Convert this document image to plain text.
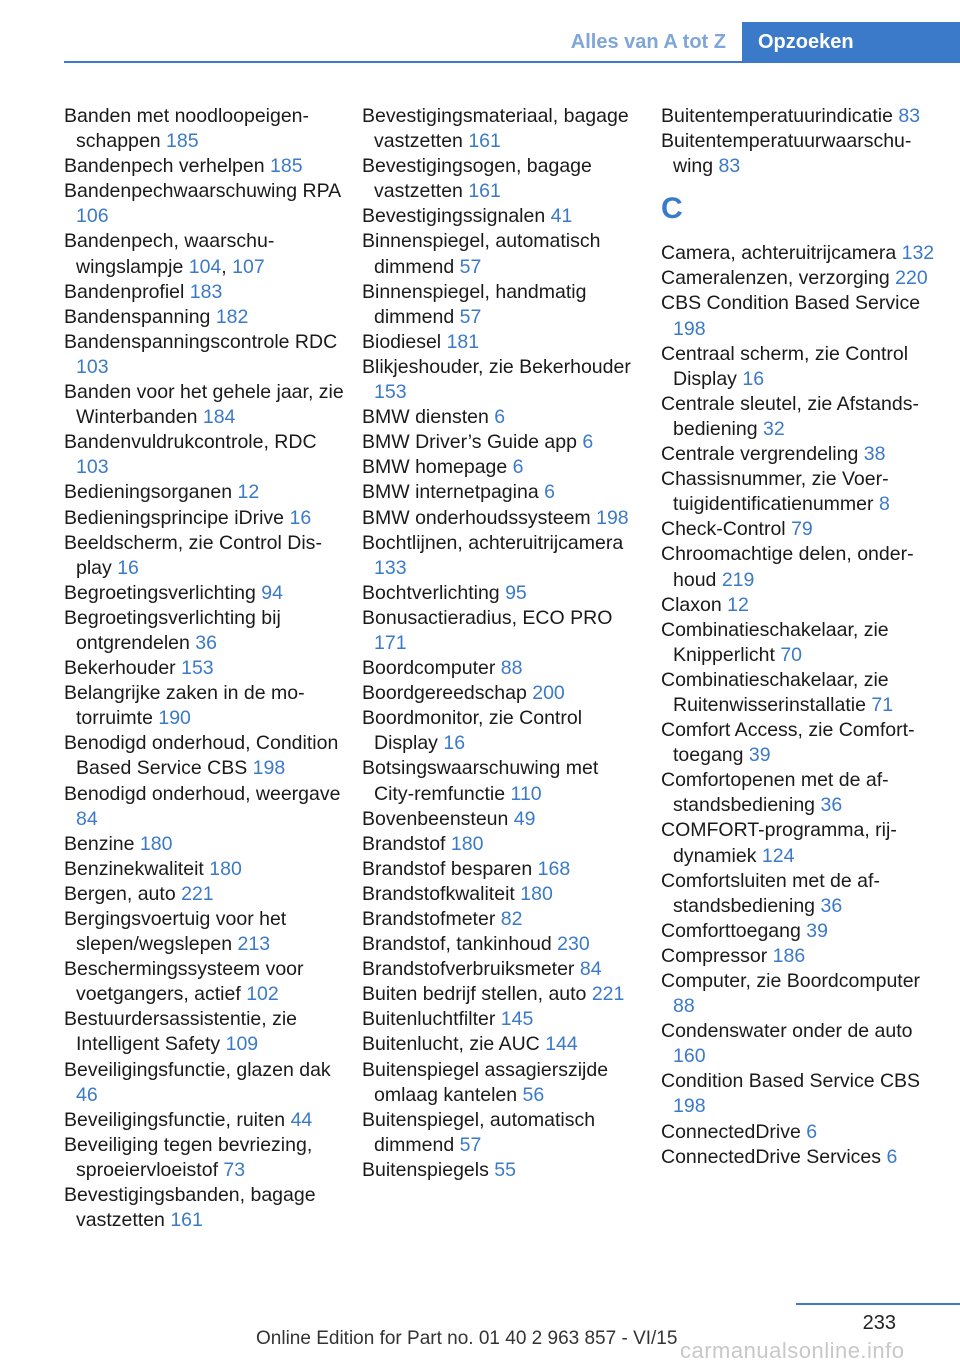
Alles van A tot Z	Opzoeken

Banden met noodloopeigenschappen 185

Bandenpech verhelpen 185

Bandenpechwaarschuwing RPA 106

Bandenpech, waarschuwingslampje 104, 107

Bandenprofiel 183

Bandenspanning 182

Bandenspanningscontrole RDC 103

Banden voor het gehele jaar, zie Winterbanden 184

Bandenvuldrukcontrole, RDC 103

Bedieningsorganen 12

Bedieningsprincipe iDrive 16

Beeldscherm, zie Control Display 16

Begroetingsverlichting 94

Begroetingsverlichting bij ontgrendelen 36

Bekerhouder 153

Belangrijke zaken in de motorruimte 190

Benodigd onderhoud, Condition Based Service CBS 198

Benodigd onderhoud, weergave 84

Benzine 180

Benzinekwaliteit 180

Bergen, auto 221

Bergingsvoertuig voor het slepen/wegslepen 213

Beschermingssysteem voor voetgangers, actief 102

Bestuurdersassistentie, zie Intelligent Safety 109

Beveiligingsfunctie, glazen dak 46

Beveiligingsfunctie, ruiten 44

Beveiliging tegen bevriezing, sproeiervloeistof 73

Bevestigingsbanden, bagage vastzetten 161

Bevestigingsmateriaal, bagage vastzetten 161

Bevestigingsogen, bagage vastzetten 161

Bevestigingssignalen 41

Binnenspiegel, automatisch dimmend 57

Binnenspiegel, handmatig dimmend 57

Biodiesel 181

Blikjeshouder, zie Bekerhouder 153

BMW diensten 6

BMW Driver’s Guide app 6

BMW homepage 6

BMW internetpagina 6

BMW onderhoudssysteem 198

Bochtlijnen, achteruitrijcamera 133

Bochtverlichting 95

Bonusactieradius, ECO PRO 171

Boordcomputer 88

Boordgereedschap 200

Boordmonitor, zie Control Display 16

Botsingswaarschuwing met City-remfunctie 110

Bovenbeensteun 49

Brandstof 180

Brandstof besparen 168

Brandstofkwaliteit 180

Brandstofmeter 82

Brandstof, tankinhoud 230

Brandstofverbruiksmeter 84

Buiten bedrijf stellen, auto 221

Buitenluchtfilter 145

Buitenlucht, zie AUC 144

Buitenspiegel assagierszijde omlaag kantelen 56

Buitenspiegel, automatisch dimmend 57

Buitenspiegels 55

Buitentemperatuurindicatie 83

Buitentemperatuurwaarschuwing 83

C

Camera, achteruitrijcamera 132

Cameralenzen, verzorging 220

CBS Condition Based Service 198

Centraal scherm, zie Control Display 16

Centrale sleutel, zie Afstandsbediening 32

Centrale vergrendeling 38

Chassisnummer, zie Voertuigidentificatienummer 8

Check-Control 79

Chroomachtige delen, onderhoud 219

Claxon 12

Combinatieschakelaar, zie Knipperlicht 70

Combinatieschakelaar, zie Ruitenwisserinstallatie 71

Comfort Access, zie Comforttoegang 39

Comfortopenen met de afstandsbediening 36

COMFORT-programma, rijdynamiek 124

Comfortsluiten met de afstandsbediening 36

Comforttoegang 39

Compressor 186

Computer, zie Boordcomputer 88

Condenswater onder de auto 160

Condition Based Service CBS 198

ConnectedDrive 6

ConnectedDrive Services 6

233
Online Edition for Part no. 01 40 2 963 857 - VI/15 carmanualsonline.info
